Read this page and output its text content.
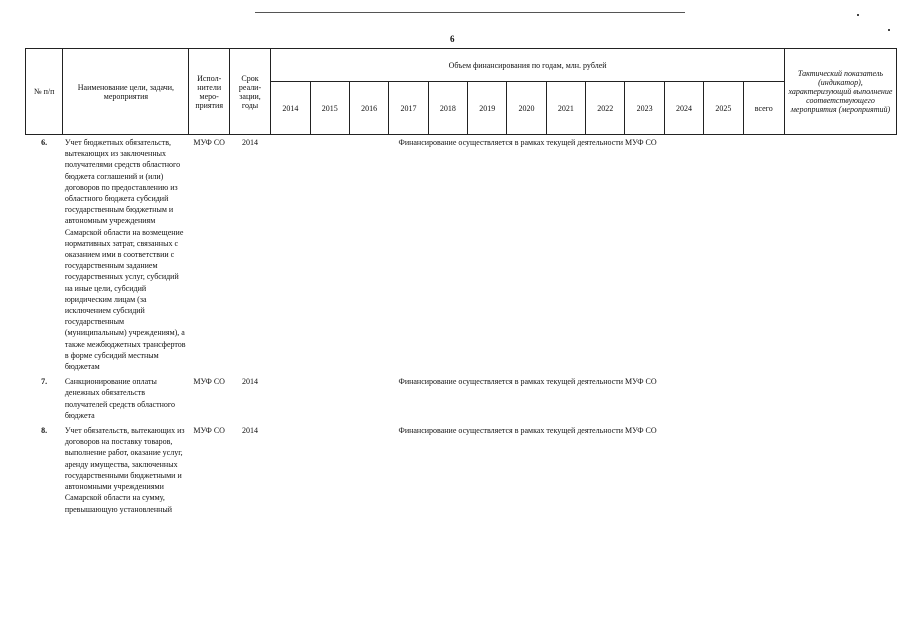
6
№ п/п	Наименование цели, задачи, мероприятия	Испол-нители меро-приятия	Срок реали-зации, годы	Объем финансирования по годам, млн. рублей													Тактический показатель (индикатор), характеризующий выполнение соответствующего мероприятия (мероприятий)
				2014	2015	2016	2017	2018	2019	2020	2021	2022	2023	2024	2025	всего	
6.	Учет бюджетных обязательств, вытекающих из заключенных получателями средств областного бюджета соглашений и (или) договоров по предоставлению из областного бюджета субсидий государственным бюджетным и автономным учреждениям Самарской области на возмещение нормативных затрат, связанных с оказанием ими в соответствии с государственным заданием государственных услуг, субсидий на иные цели, субсидий юридическим лицам (за исключением субсидий государственным (муниципальным) учреждениям), а также межбюджетных трансфертов в форме субсидий местным бюджетам	МУФ СО	2014	Финансирование осуществляется в рамках текущей деятельности МУФ СО													
7.	Санкционирование оплаты денежных обязательств получателей средств областного бюджета	МУФ СО	2014	Финансирование осуществляется в рамках текущей деятельности МУФ СО													
8.	Учет обязательств, вытекающих из договоров на поставку товаров, выполнение работ, оказание услуг, аренду имущества, заключенных государственными бюджетными и автономными учреждениями Самарской области на сумму, превышающую установленный	МУФ СО	2014	Финансирование осуществляется в рамках текущей деятельности МУФ СО													
